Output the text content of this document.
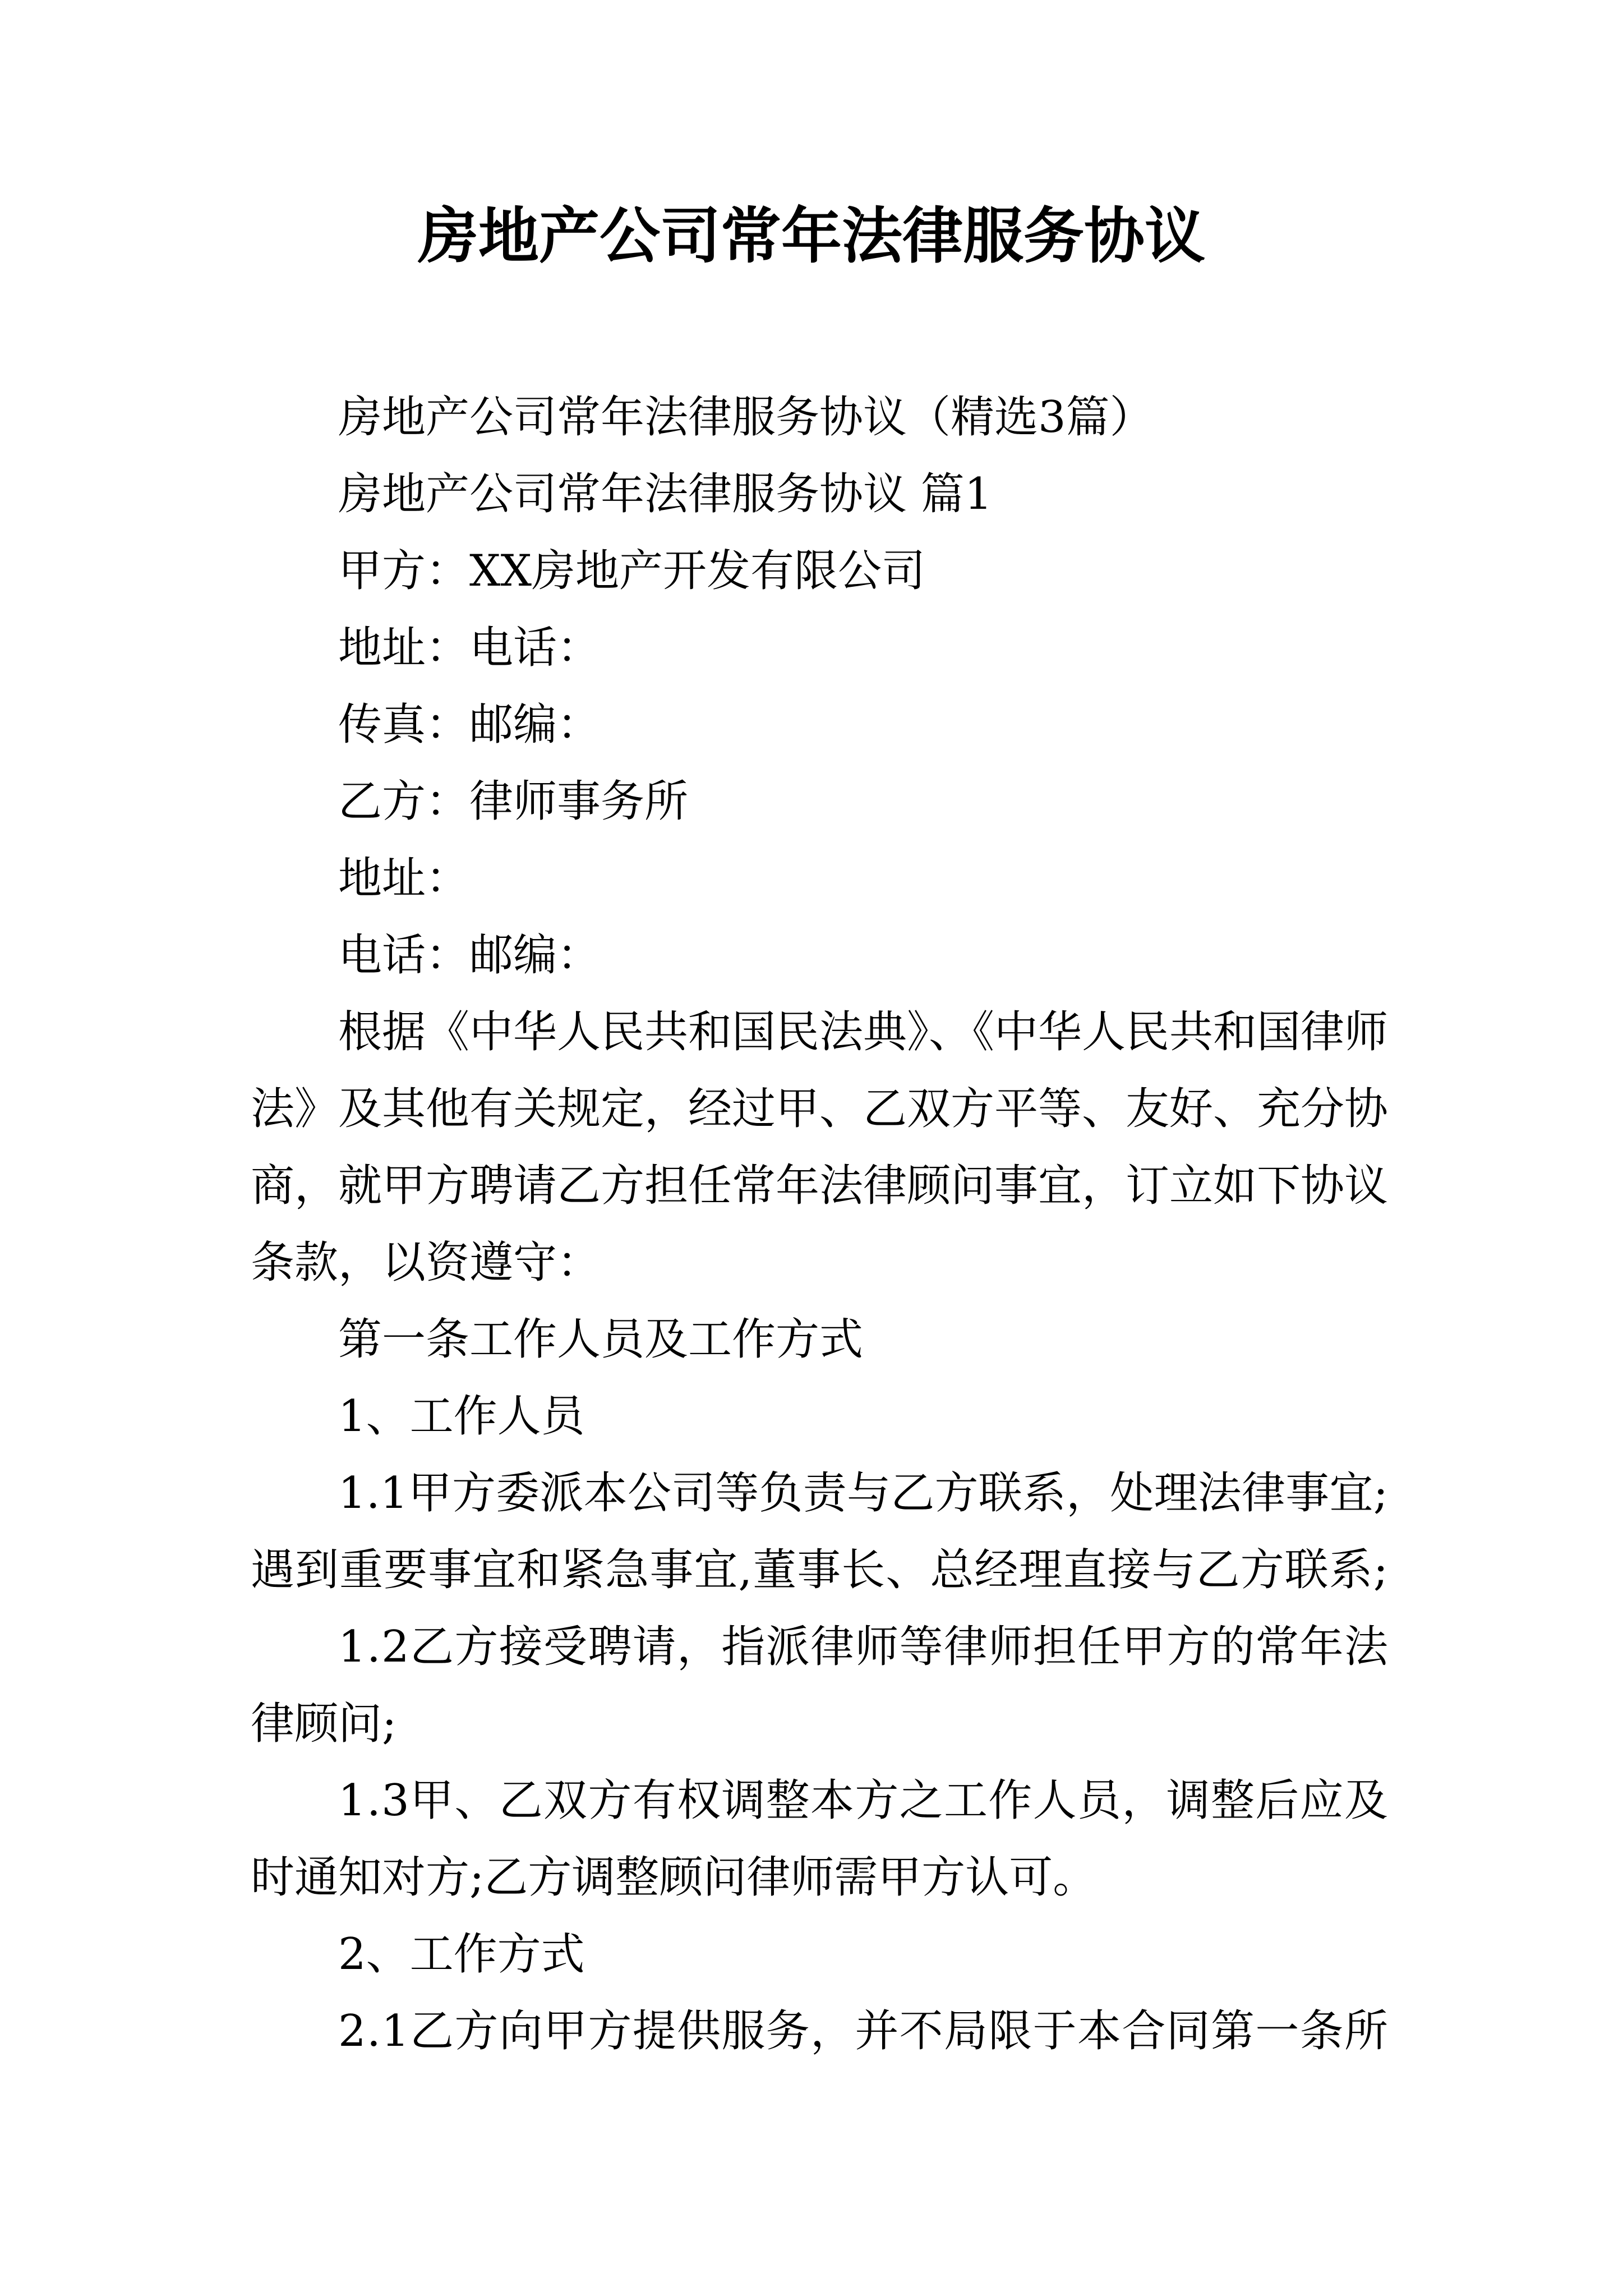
房地产公司常年法律服务协议
房地产公司常年法律服务协议（精选3篇）
房地产公司常年法律服务协议 篇1
甲方：XX房地产开发有限公司
地址：电话：
传真：邮编：
乙方：律师事务所
地址：
电话：邮编：
根据《中华人民共和国民法典》、《中华人民共和国律师
法》及其他有关规定，经过甲、乙双方平等、友好、充分协
商，就甲方聘请乙方担任常年法律顾问事宜，订立如下协议
条款，以资遵守：
第一条工作人员及工作方式
1、工作人员
1.1甲方委派本公司等负责与乙方联系，处理法律事宜;
遇到重要事宜和紧急事宜,董事长、总经理直接与乙方联系;
1.2乙方接受聘请，指派律师等律师担任甲方的常年法
律顾问;
1.3甲、乙双方有权调整本方之工作人员，调整后应及
时通知对方;乙方调整顾问律师需甲方认可。
2、工作方式
2.1乙方向甲方提供服务，并不局限于本合同第一条所
